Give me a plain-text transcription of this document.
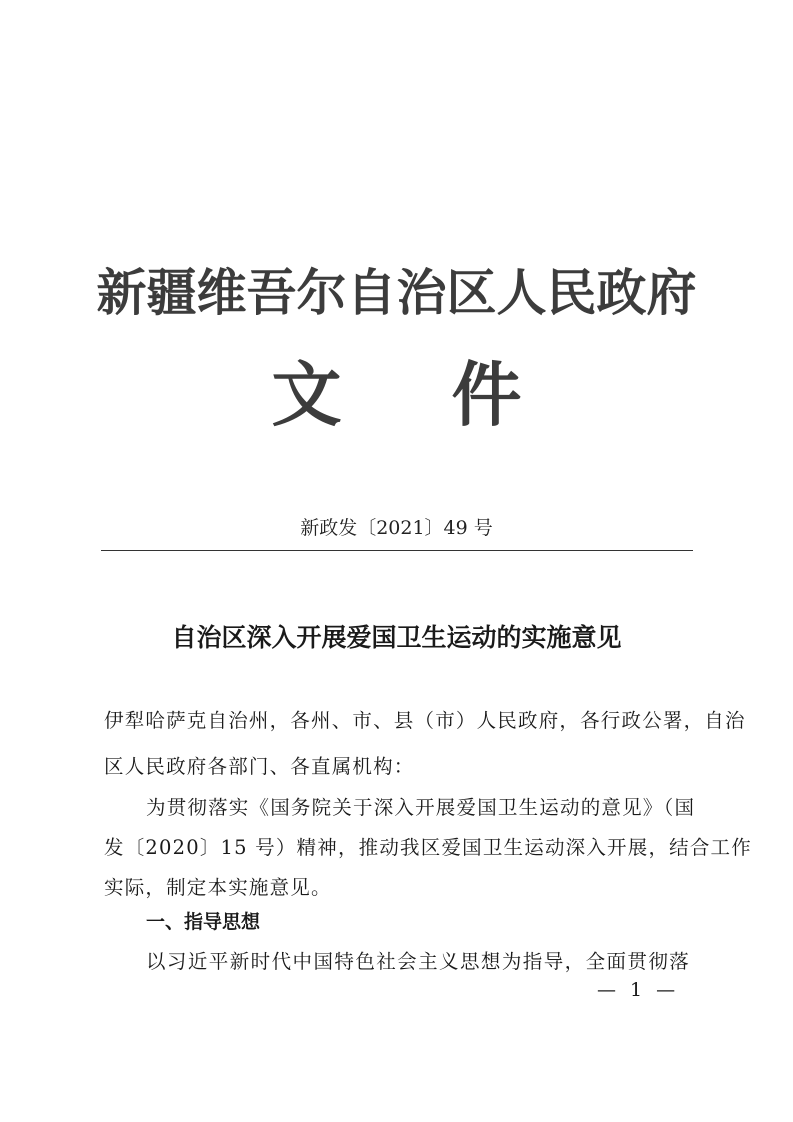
新疆维吾尔自治区人民政府
文 件
新政发〔2021〕49 号
自治区深入开展爱国卫生运动的实施意见
伊犁哈萨克自治州，各州、市、县（市）人民政府，各行政公署，自治
区人民政府各部门、各直属机构：
为贯彻落实《国务院关于深入开展爱国卫生运动的意见》（国
发〔2020〕15 号）精神，推动我区爱国卫生运动深入开展，结合工作
实际，制定本实施意见。
一、指导思想
以习近平新时代中国特色社会主义思想为指导，全面贯彻落
— 1 —
